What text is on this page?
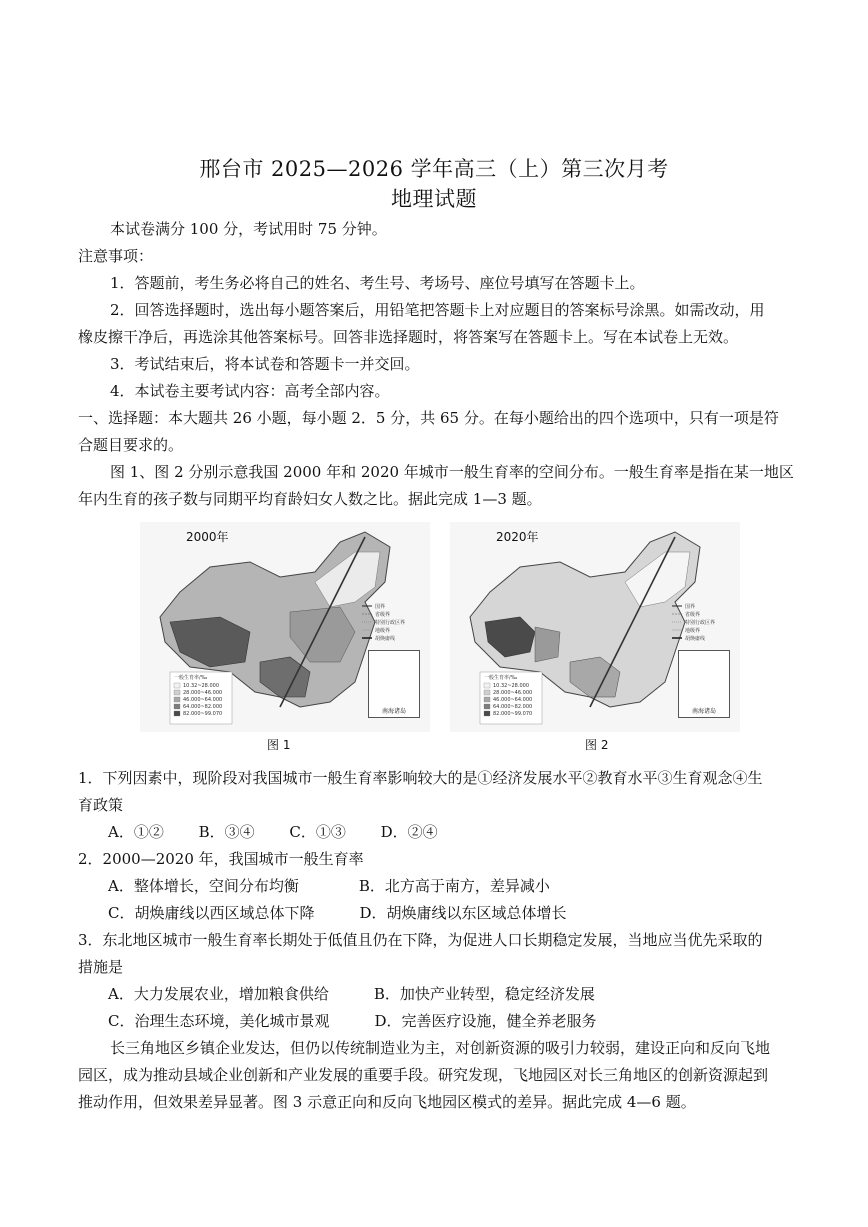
邢台市 2025—2026 学年高三（上）第三次月考
地理试题
本试卷满分 100 分，考试用时 75 分钟。
注意事项：
1．答题前，考生务必将自己的姓名、考生号、考场号、座位号填写在答题卡上。
2．回答选择题时，选出每小题答案后，用铅笔把答题卡上对应题目的答案标号涂黑。如需改动，用
橡皮擦干净后，再选涂其他答案标号。回答非选择题时，将答案写在答题卡上。写在本试卷上无效。
3．考试结束后，将本试卷和答题卡一并交回。
4．本试卷主要考试内容：高考全部内容。
一、选择题：本大题共 26 小题，每小题 2．5 分，共 65 分。在每小题给出的四个选项中，只有一项是符
合题目要求的。
图 1、图 2 分别示意我国 2000 年和 2020 年城市一般生育率的空间分布。一般生育率是指在某一地区
年内生育的孩子数与同期平均育龄妇女人数之比。据此完成 1—3 题。
一般生育率/‰
10.32~28.000
28.000~46.000
46.000~64.000
64.000~82.000
82.000~99.070
国界
省级界
特别行政区界
地级界
胡焕庸线
2000年
南海诸岛
一般生育率/‰
10.32~28.000
28.000~46.000
46.000~64.000
64.000~82.000
82.000~99.070
国界
省级界
特别行政区界
地级界
胡焕庸线
2020年
南海诸岛
图 1	图 2
1．下列因素中，现阶段对我国城市一般生育率影响较大的是①经济发展水平②教育水平③生育观念④生
育政策
A．①②　　 B．③④　　 C．①③　　 D．②④
2．2000—2020 年，我国城市一般生育率
A．整体增长，空间分布均衡　　　　B．北方高于南方，差异减小
C．胡焕庸线以西区域总体下降　　　D．胡焕庸线以东区域总体增长
3．东北地区城市一般生育率长期处于低值且仍在下降，为促进人口长期稳定发展，当地应当优先采取的
措施是
A．大力发展农业，增加粮食供给　　　B．加快产业转型，稳定经济发展
C．治理生态环境，美化城市景观　　　D．完善医疗设施，健全养老服务
长三角地区乡镇企业发达，但仍以传统制造业为主，对创新资源的吸引力较弱，建设正向和反向飞地
园区，成为推动县域企业创新和产业发展的重要手段。研究发现，飞地园区对长三角地区的创新资源起到
推动作用，但效果差异显著。图 3 示意正向和反向飞地园区模式的差异。据此完成 4—6 题。
